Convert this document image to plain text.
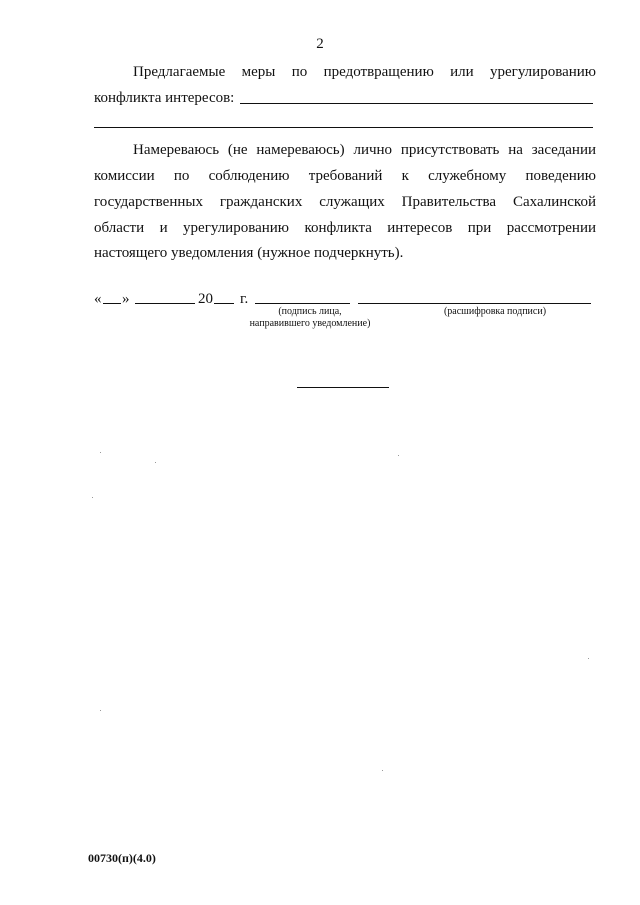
2
Предлагаемые меры по предотвращению или урегулированию
конфликта интересов:
Намереваюсь (не намереваюсь) лично присутствовать на заседании
комиссии по соблюдению требований к служебному поведению
государственных гражданских служащих Правительства Сахалинской
области и урегулированию конфликта интересов при рассмотрении
настоящего уведомления (нужное подчеркнуть).
« »	20 г.
(подпись лица,
направившего уведомление)
(расшифровка подписи)
00730(п)(4.0)
